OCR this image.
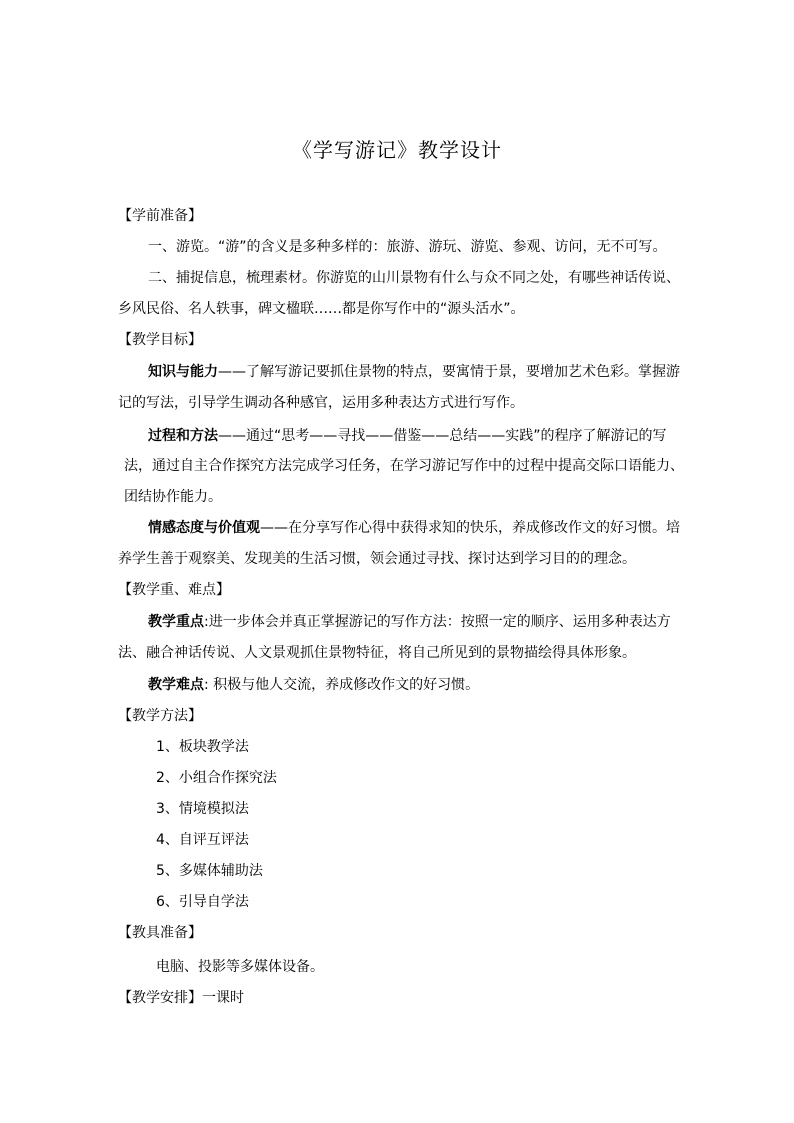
《学写游记》教学设计
【学前准备】
一、游览。“游”的含义是多种多样的：旅游、游玩、游览、参观、访问，无不可写。
二、捕捉信息，梳理素材。你游览的山川景物有什么与众不同之处，有哪些神话传说、
乡风民俗、名人轶事，碑文楹联……都是你写作中的“源头活水”。
【教学目标】
知识与能力——了解写游记要抓住景物的特点，要寓情于景，要增加艺术色彩。掌握游
记的写法，引导学生调动各种感官，运用多种表达方式进行写作。
过程和方法——通过“思考——寻找——借鉴——总结——实践”的程序了解游记的写
法，通过自主合作探究方法完成学习任务，在学习游记写作中的过程中提高交际口语能力、
团结协作能力。
情感态度与价值观——在分享写作心得中获得求知的快乐，养成修改作文的好习惯。培
养学生善于观察美、发现美的生活习惯，领会通过寻找、探讨达到学习目的的理念。
【教学重、难点】
教学重点:进一步体会并真正掌握游记的写作方法：按照一定的顺序、运用多种表达方
法、融合神话传说、人文景观抓住景物特征，将自己所见到的景物描绘得具体形象。
教学难点: 积极与他人交流，养成修改作文的好习惯。
【教学方法】
1、板块教学法
2、小组合作探究法
3、情境模拟法
4、自评互评法
5、多媒体辅助法
6、引导自学法
【教具准备】
电脑、投影等多媒体设备。
【教学安排】一课时
